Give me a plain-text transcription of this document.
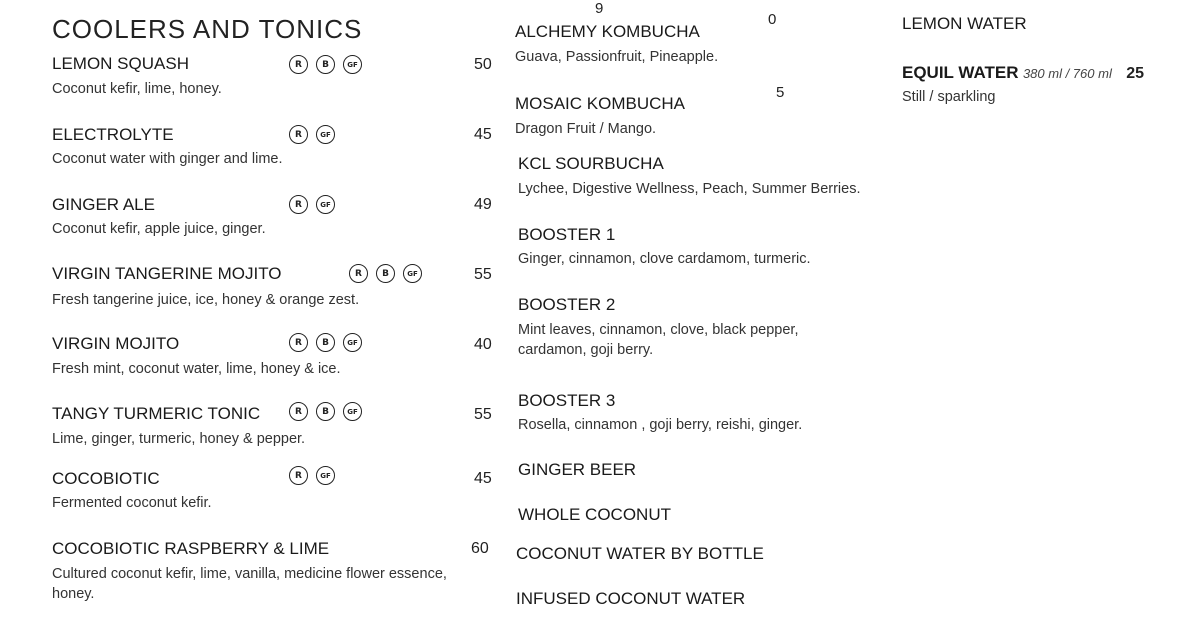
COOLERS AND TONICS
LEMON SQUASH	R	B	GF	50
Coconut kefir, lime, honey.
ELECTROLYTE	R	GF	45
Coconut water with ginger and lime.
GINGER ALE	R	GF	49
Coconut kefir, apple juice, ginger.
VIRGIN TANGERINE MOJITO	R	B	GF	55
Fresh tangerine juice, ice, honey & orange zest.
VIRGIN MOJITO	R	B	GF	40
Fresh mint, coconut water, lime, honey & ice.
TANGY TURMERIC TONIC	R	B	GF	55
Lime, ginger, turmeric, honey & pepper.
COCOBIOTIC	R	GF	45
Fermented coconut kefir.
COCOBIOTIC RASPBERRY & LIME	60
Cultured coconut kefir, lime, vanilla, medicine flower essence, honey.
9
0
ALCHEMY KOMBUCHA
Guava, Passionfruit, Pineapple.
MOSAIC KOMBUCHA
5
Dragon Fruit / Mango.
KCL SOURBUCHA
Lychee, Digestive Wellness, Peach, Summer Berries.
BOOSTER 1
Ginger, cinnamon, clove cardamom, turmeric.
BOOSTER 2
Mint leaves, cinnamon, clove, black pepper, cardamon, goji berry.
BOOSTER 3
Rosella, cinnamon , goji berry, reishi, ginger.
GINGER BEER
WHOLE COCONUT
COCONUT WATER BY BOTTLE
INFUSED COCONUT WATER
LEMON WATER
EQUIL WATER 380 ml / 760 ml 25
Still / sparkling
